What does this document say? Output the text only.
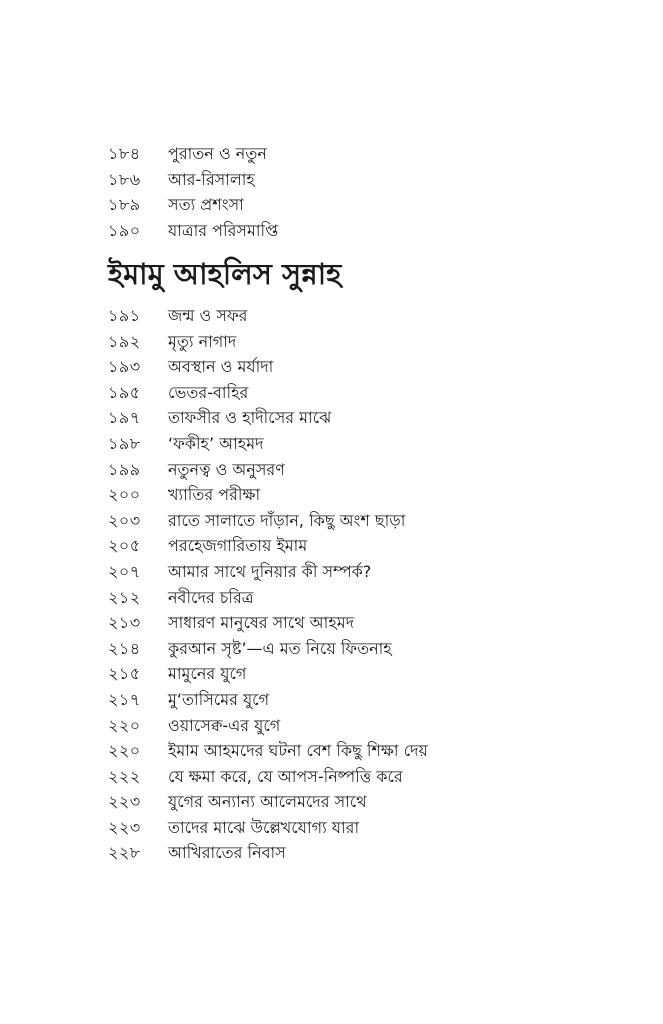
১৮৪	পুরাতন ও নতুন
১৮৬	আর-রিসালাহ
১৮৯	সত্য প্রশংসা
১৯০	যাত্রার পরিসমাপ্তি
ইমামু আহলিস সুন্নাহ
১৯১	জন্ম ও সফর
১৯২	মৃত্যু নাগাদ
১৯৩	অবস্থান ও মর্যাদা
১৯৫	ভেতর-বাহির
১৯৭	তাফসীর ও হাদীসের মাঝে
১৯৮	‘ফকীহ’ আহমদ
১৯৯	নতুনত্ব ও অনুসরণ
২০০	খ্যাতির পরীক্ষা
২০৩	রাতে সালাতে দাঁড়ান, কিছু অংশ ছাড়া
২০৫	পরহেজগারিতায় ইমাম
২০৭	আমার সাথে দুনিয়ার কী সম্পর্ক?
২১২	নবীদের চরিত্র
২১৩	সাধারণ মানুষের সাথে আহমদ
২১৪	কুরআন সৃষ্ট’—এ মত নিয়ে ফিতনাহ
২১৫	মামুনের যুগে
২১৭	মু‘তাসিমের যুগে
২২০	ওয়াসেক্ব-এর যুগে
২২০	ইমাম আহমদের ঘটনা বেশ কিছু শিক্ষা দেয়
২২২	যে ক্ষমা করে, যে আপস-নিষ্পত্তি করে
২২৩	যুগের অন্যান্য আলেমদের সাথে
২২৩	তাদের মাঝে উল্লেখযোগ্য যারা
২২৮	আখিরাতের নিবাস
